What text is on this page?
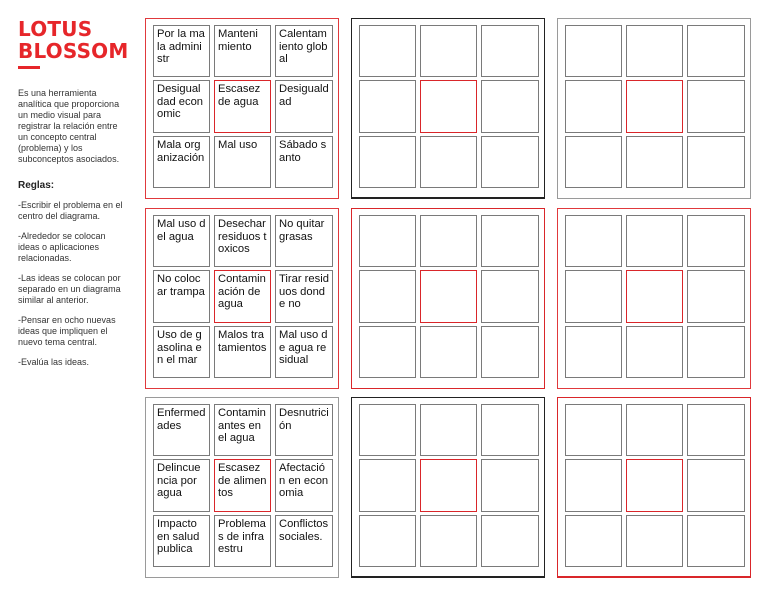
LOTUS
BLOSSOM
Es una herramienta analítica que proporciona un medio visual para registrar la relación entre un concepto central (problema) y los subconceptos asociados.
Reglas:
-Escribir el problema en el centro del diagrama.
-Alrededor se colocan ideas o aplicaciones relacionadas.
-Las ideas se colocan por separado en un diagrama similar al anterior.
-Pensar en ocho nuevas ideas que impliquen el nuevo tema central.
-Evalúa las ideas.
Por la mala administr
Mantenimiento
Calentamiento global
Desigualdad economic
Escasez de agua
Desigualdad
Mala organización
Mal uso	Sábado santo
Mal uso del agua
Desechar residuos toxicos
No quitar grasas
No colocar trampa
Contaminación de agua
Tirar residuos donde no
Uso de gasolina en el mar
Malos tratamientos
Mal uso de agua residual
Enfermedades
Contaminantes en el agua
Desnutrición
Delincuencia por agua
Escasez de alimentos
Afectación en economia
Impacto en salud publica
Problemas de infraestru
Conflictos sociales.
